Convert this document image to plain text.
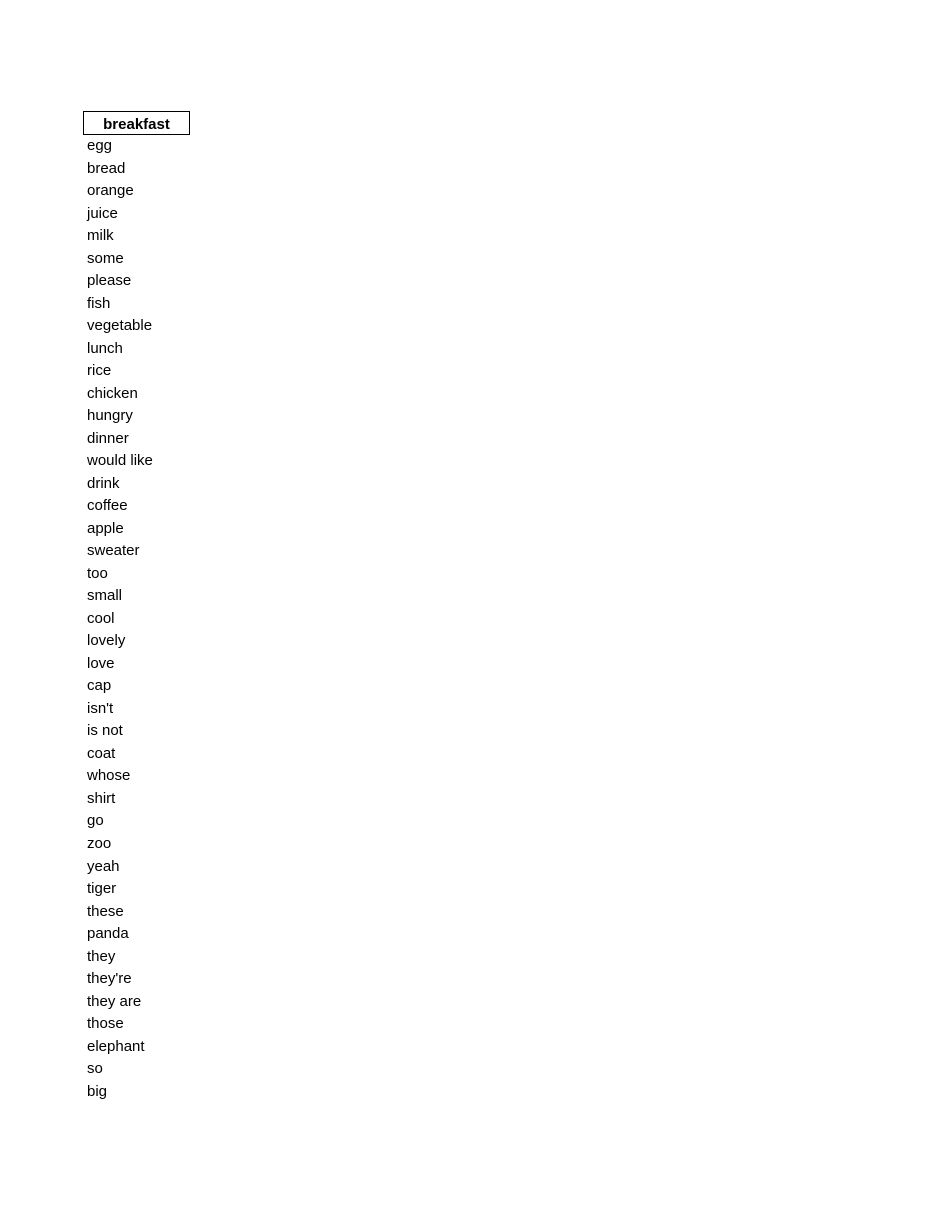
breakfast
egg
bread
orange
juice
milk
some
please
fish
vegetable
lunch
rice
chicken
hungry
dinner
would like
drink
coffee
apple
sweater
too
small
cool
lovely
love
cap
isn't
is not
coat
whose
shirt
go
zoo
yeah
tiger
these
panda
they
they're
they are
those
elephant
so
big
